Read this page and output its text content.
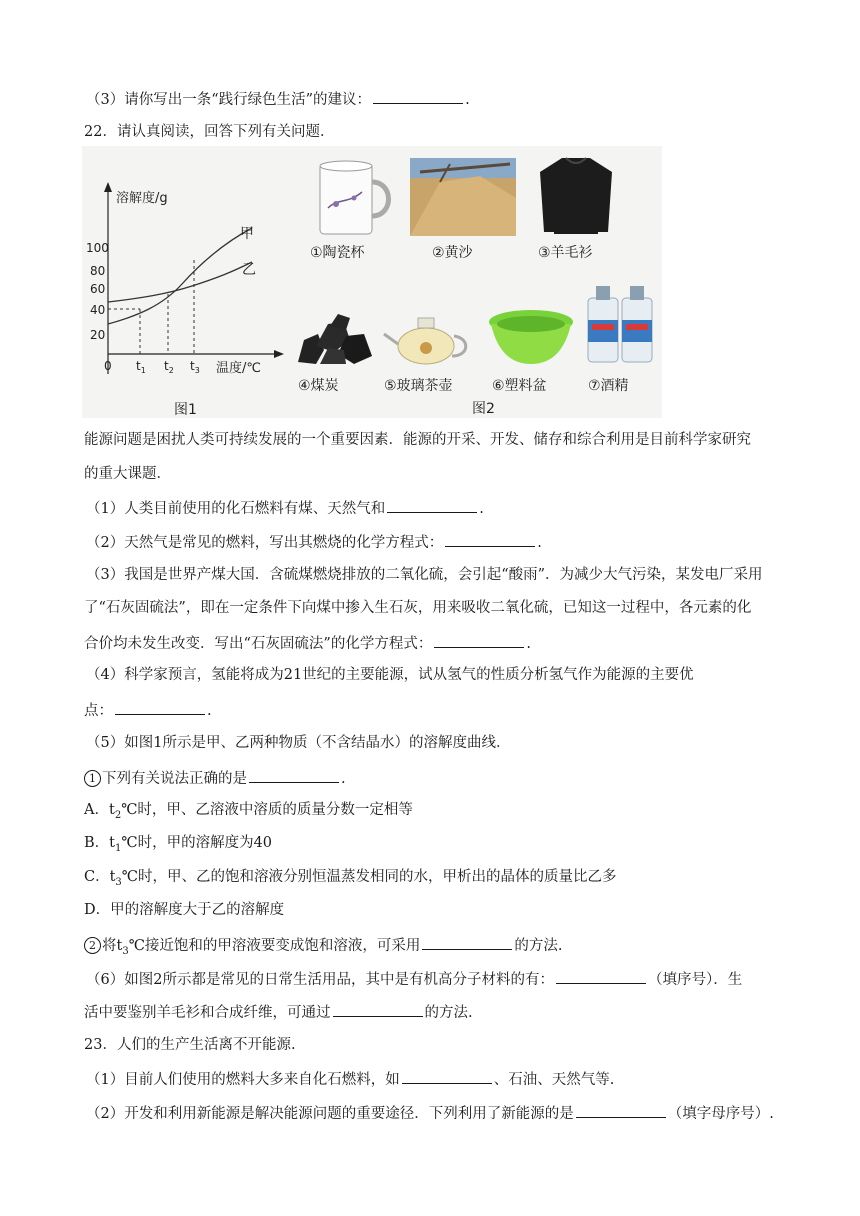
（3）请你写出一条“践行绿色生活”的建议：	.
22．请认真阅读，回答下列有关问题．
溶解度/g
100
80
60
40
20
0 $t_1$ $t_2$ $t_3$ 温度/℃
甲
乙
图1
①陶瓷杯	②黄沙	③羊毛衫
④煤炭	⑤玻璃茶壶	⑥塑料盆	⑦酒精
图2
能源问题是困扰人类可持续发展的一个重要因素．能源的开采、开发、储存和综合利用是目前科学家研究
的重大课题．
（1）人类目前使用的化石燃料有煤、天然气和	.
（2）天然气是常见的燃料，写出其燃烧的化学方程式：	.
（3）我国是世界产煤大国．含硫煤燃烧排放的二氧化硫，会引起“酸雨”．为减少大气污染，某发电厂采用
了“石灰固硫法”，即在一定条件下向煤中掺入生石灰，用来吸收二氧化硫，已知这一过程中，各元素的化
合价均未发生改变．写出“石灰固硫法”的化学方程式：	.
（4）科学家预言，氢能将成为21世纪的主要能源，试从氢气的性质分析氢气作为能源的主要优
点：	.
（5）如图1所示是甲、乙两种物质（不含结晶水）的溶解度曲线．
1 下列有关说法正确的是	.
A．$t_2℃$时，甲、乙溶液中溶质的质量分数一定相等
B．$t_1℃$时，甲的溶解度为40
C．$t_3℃$时，甲、乙的饱和溶液分别恒温蒸发相同的水，甲析出的晶体的质量比乙多
D．甲的溶解度大于乙的溶解度
2 将$t_3℃$接近饱和的甲溶液要变成饱和溶液，可采用	的方法.
（6）如图2所示都是常见的日常生活用品，其中是有机高分子材料的有：	（填序号）．生
活中要鉴别羊毛衫和合成纤维，可通过	的方法.
23．人们的生产生活离不开能源.
（1）目前人们使用的燃料大多来自化石燃料，如	、石油、天然气等.
（2）开发和利用新能源是解决能源问题的重要途径．下列利用了新能源的是	（填字母序号）.
